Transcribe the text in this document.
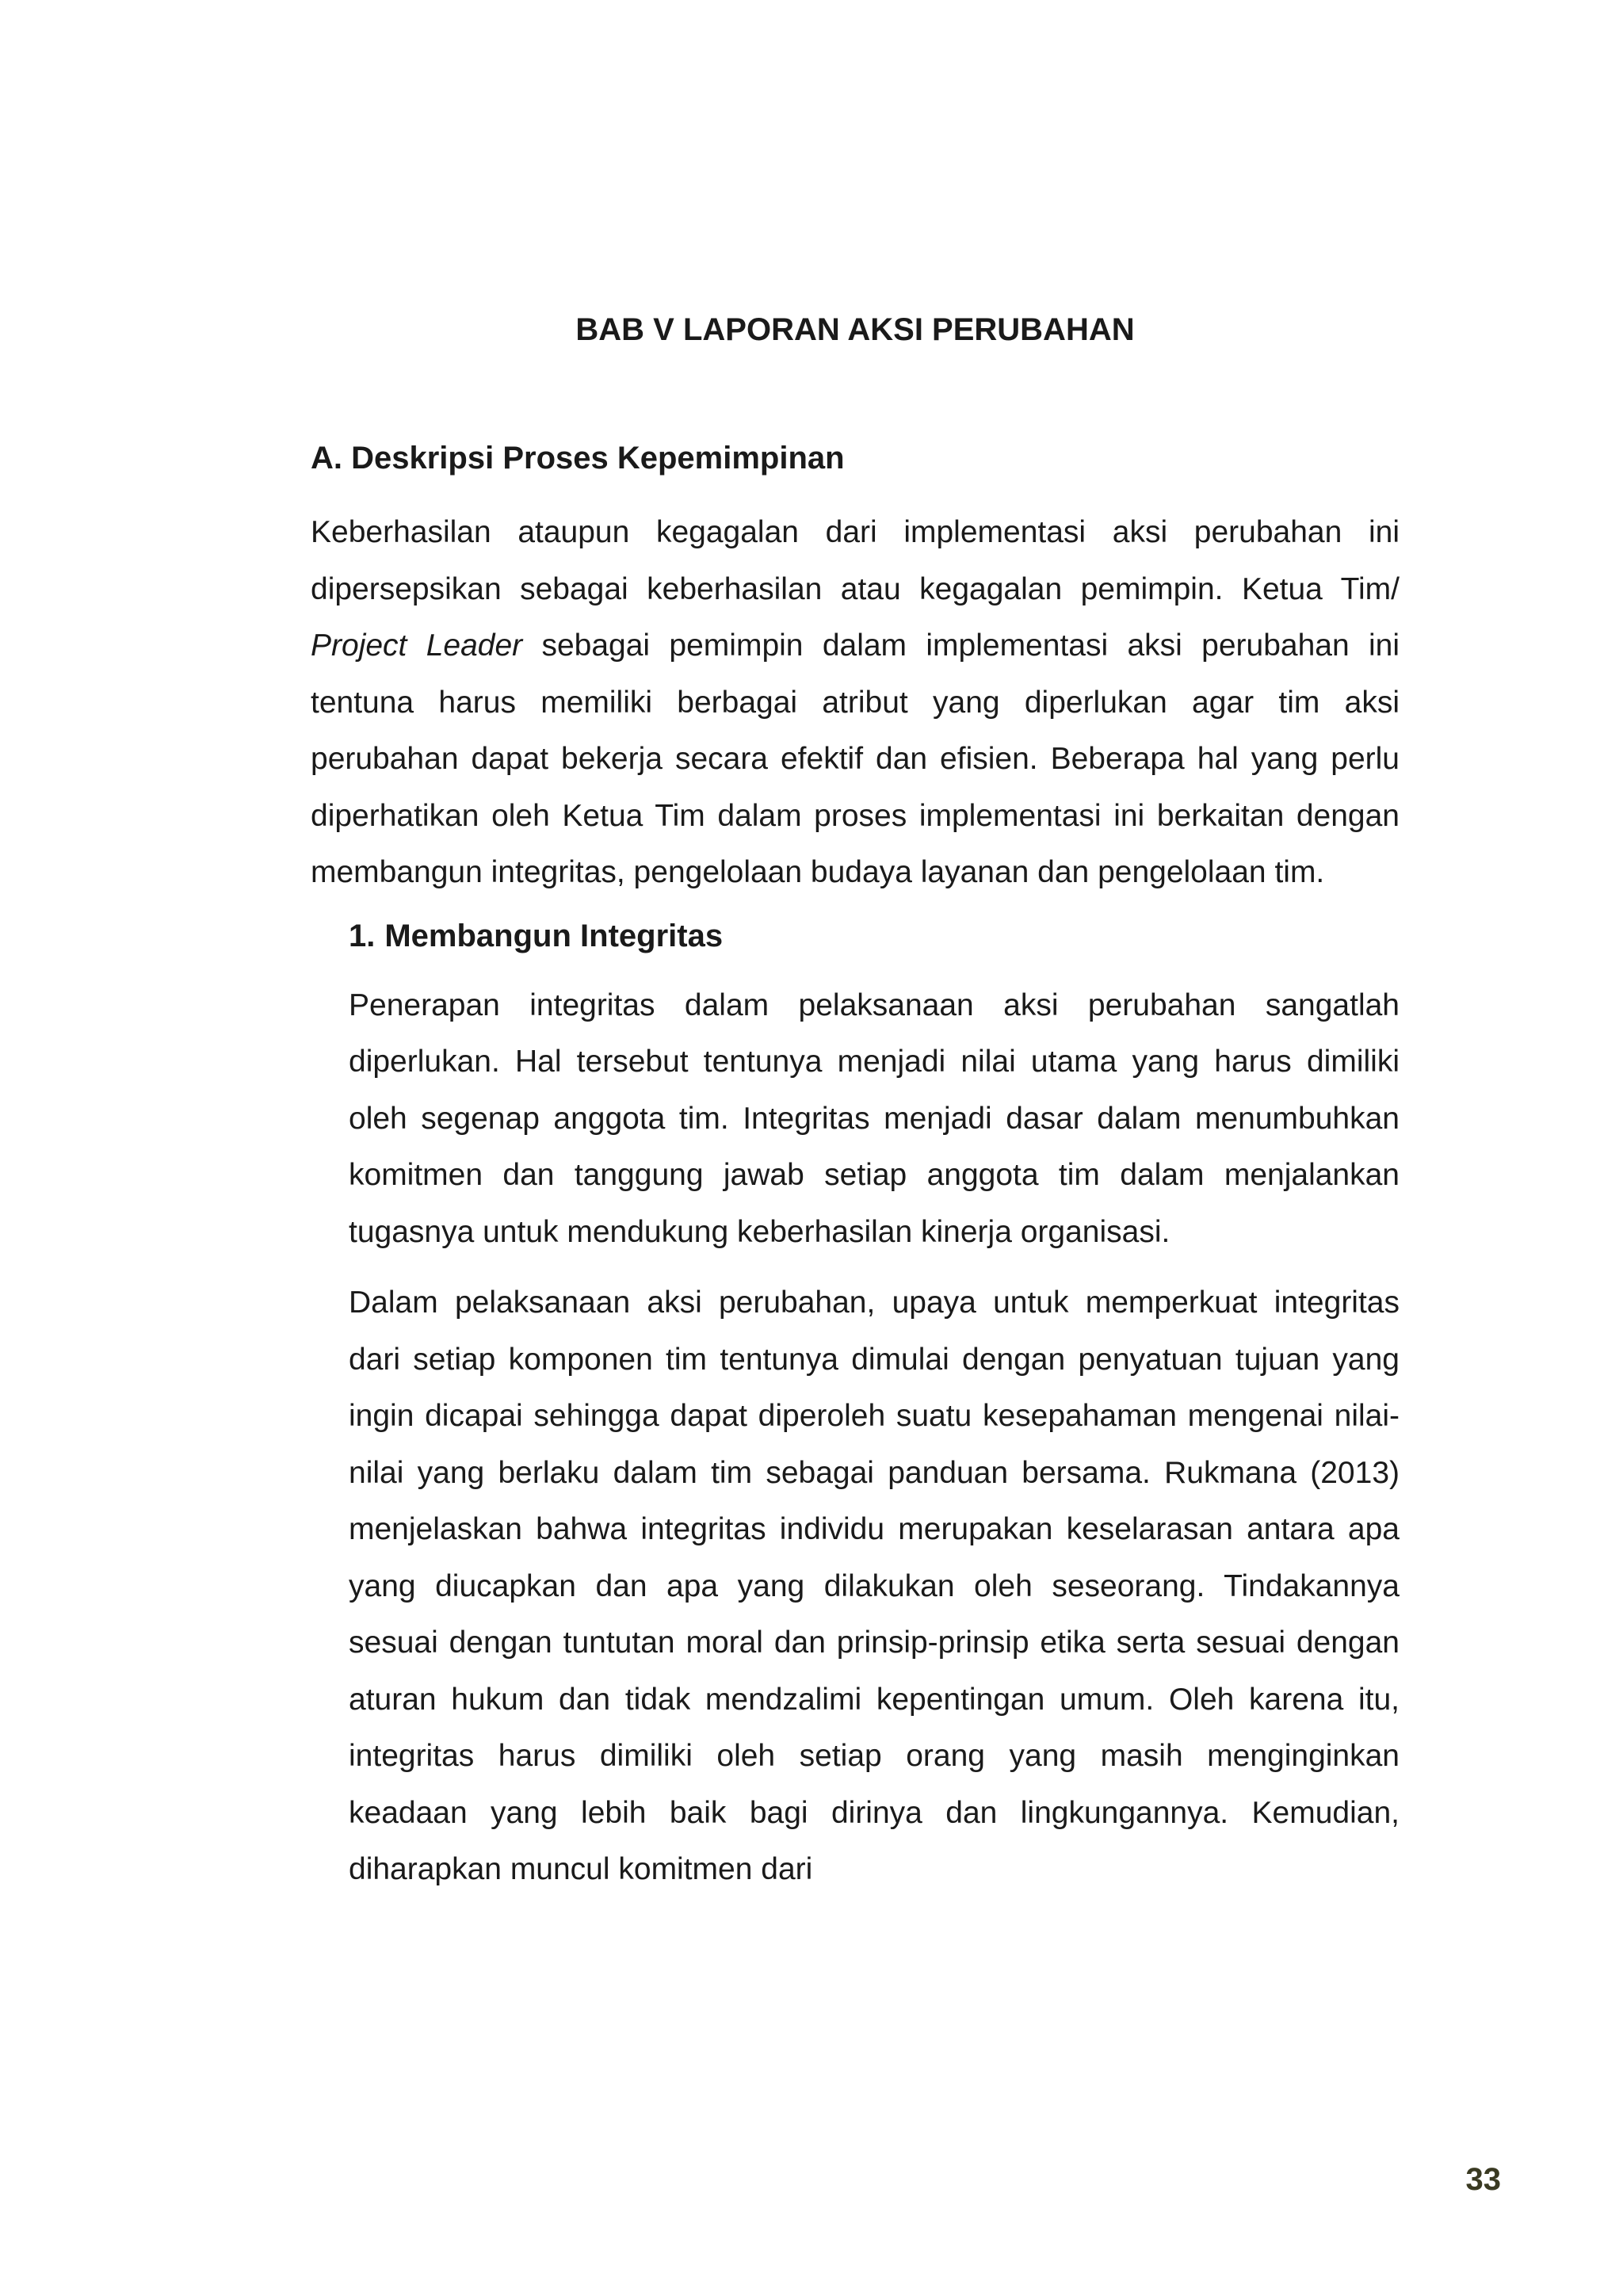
BAB V LAPORAN AKSI PERUBAHAN
A. Deskripsi Proses Kepemimpinan

Keberhasilan ataupun kegagalan dari implementasi aksi perubahan ini dipersepsikan sebagai keberhasilan atau kegagalan pemimpin. Ketua Tim/ Project Leader sebagai pemimpin dalam implementasi aksi perubahan ini tentuna harus memiliki berbagai atribut yang diperlukan agar tim aksi perubahan dapat bekerja secara efektif dan efisien. Beberapa hal yang perlu diperhatikan oleh Ketua Tim dalam proses implementasi ini berkaitan dengan membangun integritas, pengelolaan budaya layanan dan pengelolaan tim.

1. Membangun Integritas

Penerapan integritas dalam pelaksanaan aksi perubahan sangatlah diperlukan. Hal tersebut tentunya menjadi nilai utama yang harus dimiliki oleh segenap anggota tim. Integritas menjadi dasar dalam menumbuhkan komitmen dan tanggung jawab setiap anggota tim dalam menjalankan tugasnya untuk mendukung keberhasilan kinerja organisasi.

Dalam pelaksanaan aksi perubahan, upaya untuk memperkuat integritas dari setiap komponen tim tentunya dimulai dengan penyatuan tujuan yang ingin dicapai sehingga dapat diperoleh suatu kesepahaman mengenai nilai-nilai yang berlaku dalam tim sebagai panduan bersama. Rukmana (2013) menjelaskan bahwa integritas individu merupakan keselarasan antara apa yang diucapkan dan apa yang dilakukan oleh seseorang. Tindakannya sesuai dengan tuntutan moral dan prinsip-prinsip etika serta sesuai dengan aturan hukum dan tidak mendzalimi kepentingan umum. Oleh karena itu, integritas harus dimiliki oleh setiap orang yang masih menginginkan keadaan yang lebih baik bagi dirinya dan lingkungannya. Kemudian, diharapkan muncul komitmen dari

33
